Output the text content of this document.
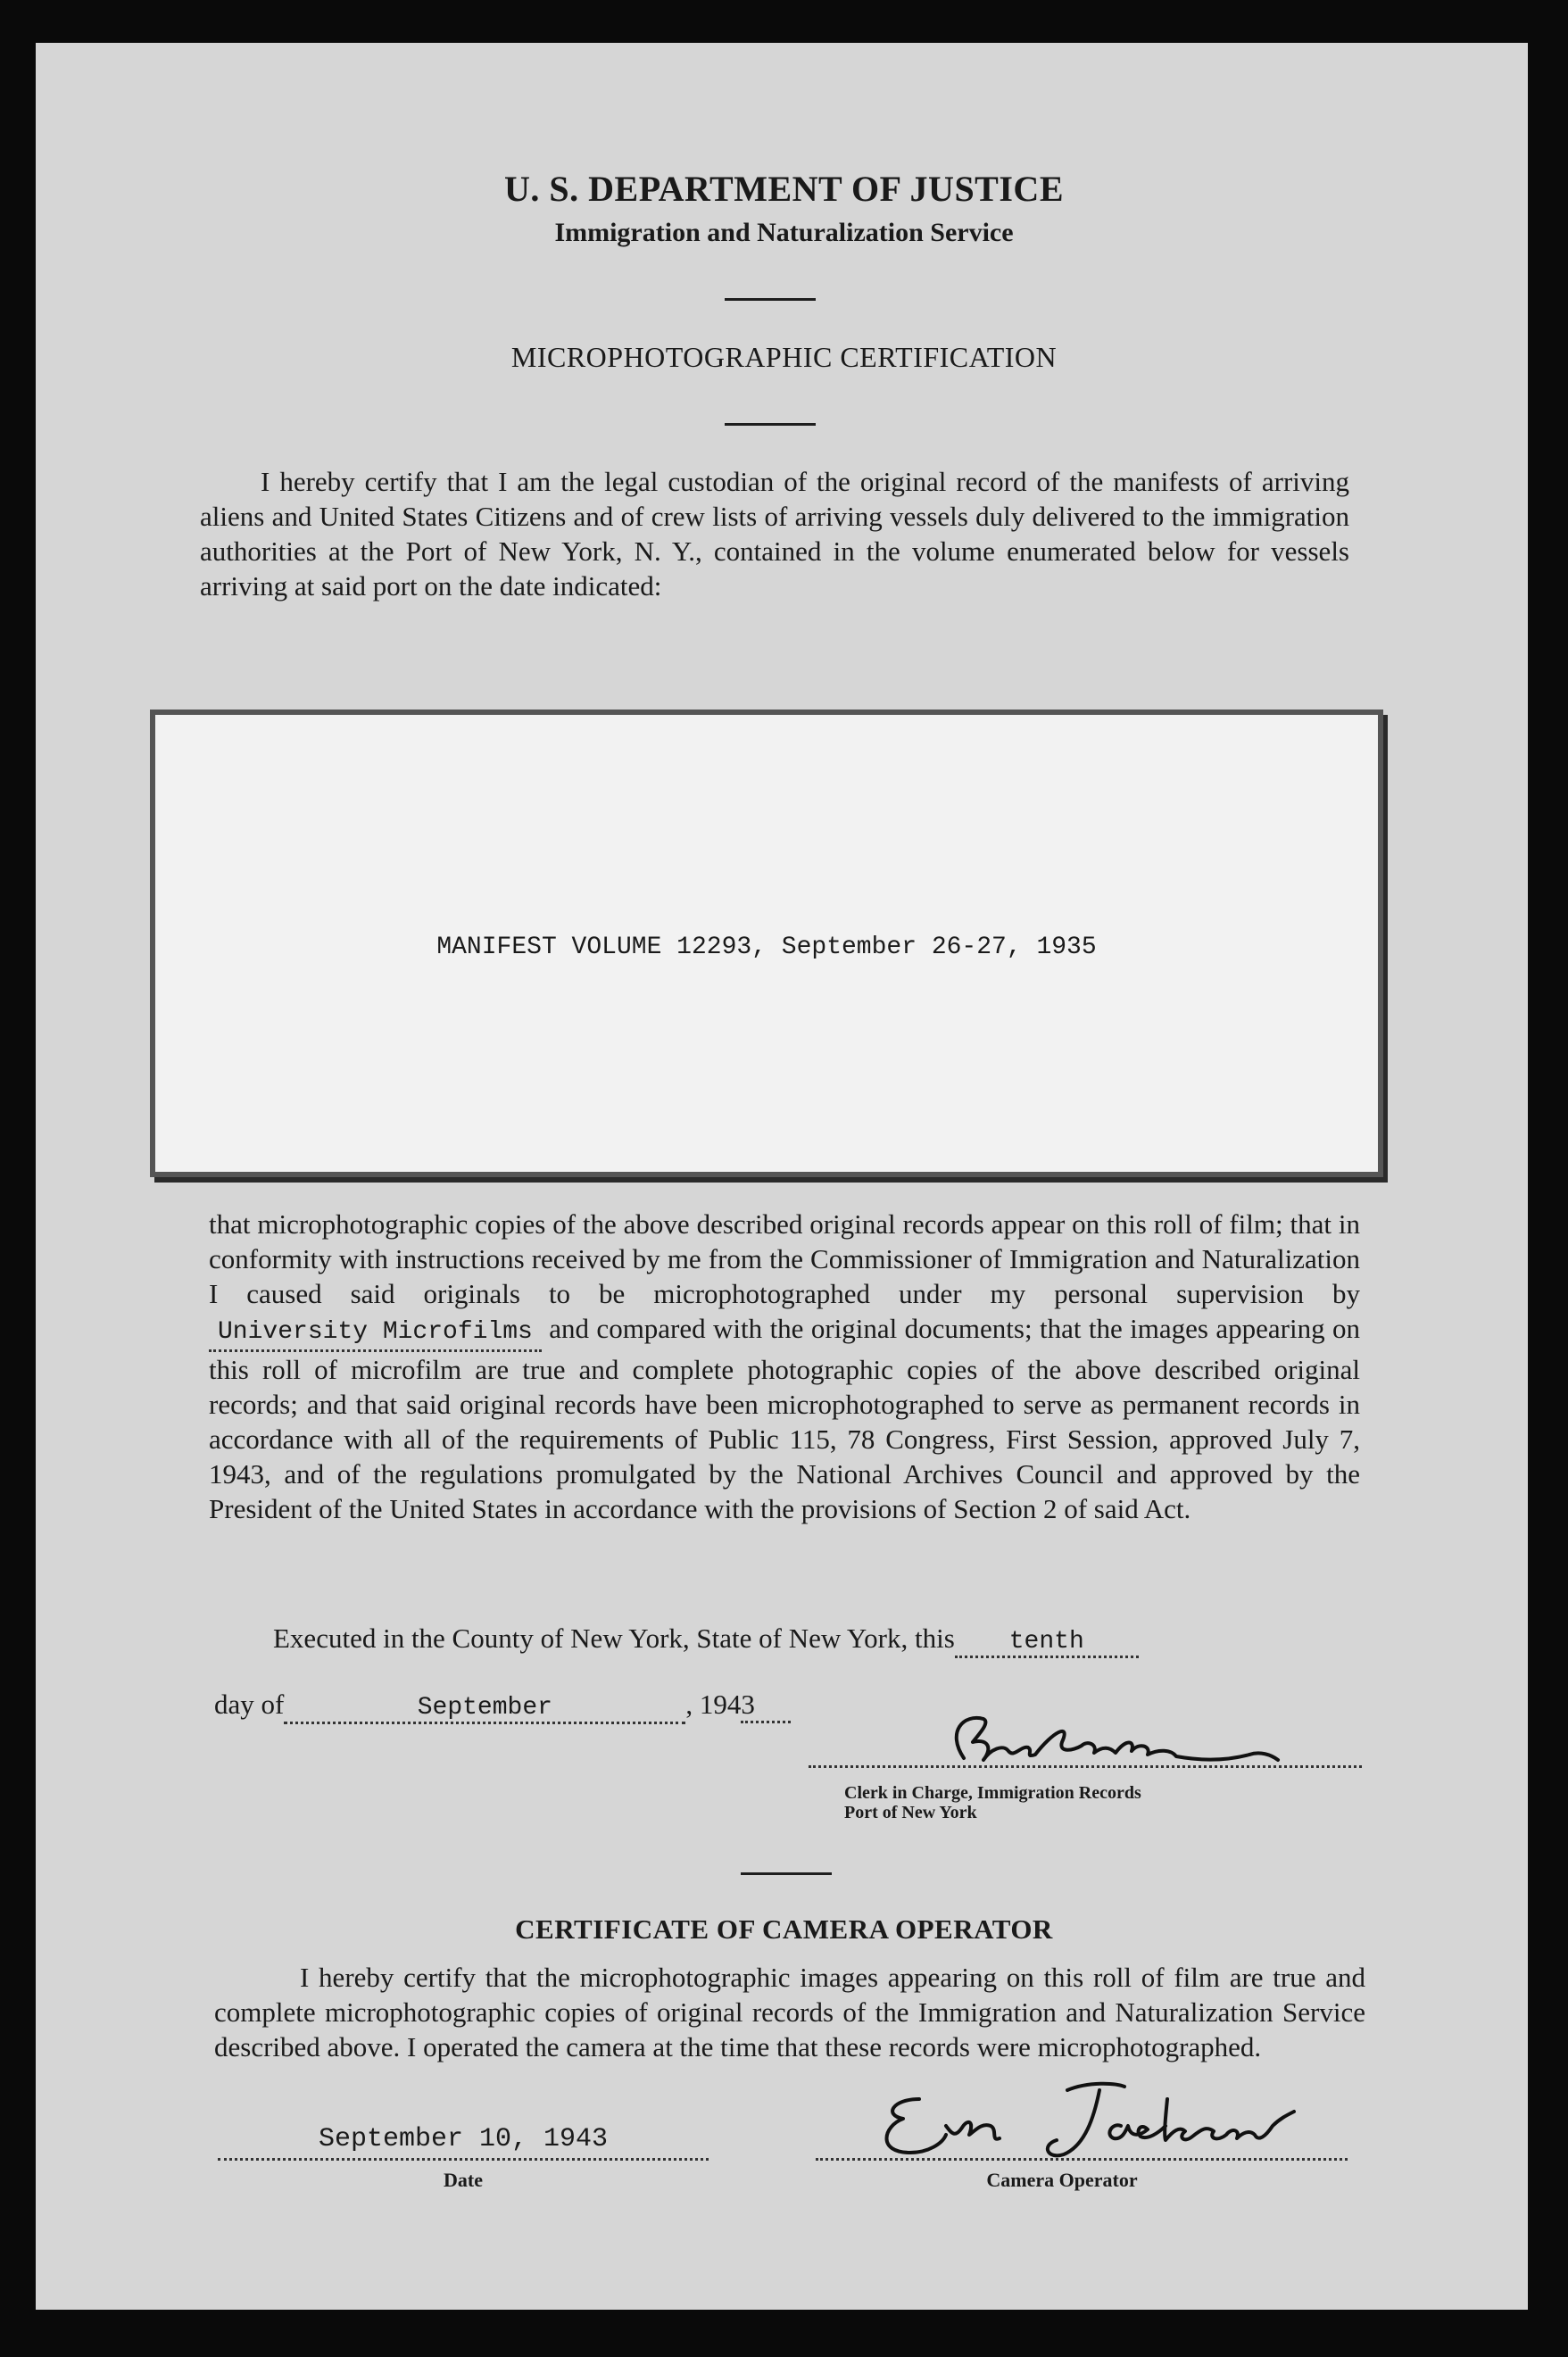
U. S. DEPARTMENT OF JUSTICE
Immigration and Naturalization Service
MICROPHOTOGRAPHIC CERTIFICATION
I hereby certify that I am the legal custodian of the original record of the manifests of arriving aliens and United States Citizens and of crew lists of arriving vessels duly delivered to the immigration authorities at the Port of New York, N. Y., contained in the volume enumerated below for vessels arriving at said port on the date indicated:
MANIFEST VOLUME 12293, September 26-27, 1935
that microphotographic copies of the above described original records appear on this roll of film; that in conformity with instructions received by me from the Commissioner of Immigration and Naturalization I caused said originals to be microphotographed under my personal supervision by University Microfilms and compared with the original documents; that the images appearing on this roll of microfilm are true and complete photographic copies of the above described original records; and that said original records have been microphotographed to serve as permanent records in accordance with all of the requirements of Public 115, 78 Congress, First Session, approved July 7, 1943, and of the regulations promulgated by the National Archives Council and approved by the President of the United States in accordance with the provisions of Section 2 of said Act.
Executed in the County of New York, State of New York, this tenth
day of	September	, 1943
Clerk in Charge, Immigration Records
Port of New York
CERTIFICATE OF CAMERA OPERATOR
I hereby certify that the microphotographic images appearing on this roll of film are true and complete microphotographic copies of original records of the Immigration and Naturalization Service described above. I operated the camera at the time that these records were microphotographed.
September 10, 1943
Date	Camera Operator
